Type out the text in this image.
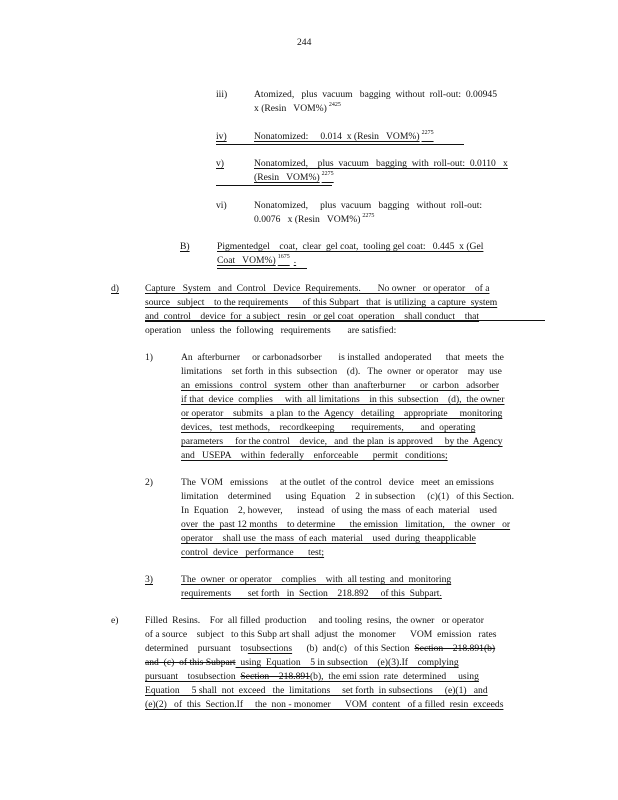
244
iii)	Atomized,   plus  vacuum   bagging  without  roll-out:  0.00945
x (Resin   VOM%) $^{2425}$
iv)	Nonatomized:     0.014  x (Resin   VOM%) $^{2275}$
v)	Nonatomized,    plus  vacuum   bagging  with  roll-out:  0.0110   x
(Resin   VOM%) $^{2275}$
vi)	Nonatomized,     plus  vacuum   bagging   without  roll-out:
0.0076   x (Resin   VOM%) $^{2275}$
B)	Pigmentedgel    coat,  clear  gel coat,  tooling gel coat:   0.445  x (Gel
Coat   VOM%) $^{1675}$ .
d)	Capture   System   and  Control   Device  Requirements.       No owner   or operator    of a
source   subject    to the requirements      of this Subpart   that  is utilizing  a capture  system
and  control    device  for  a subject   resin   or gel coat  operation    shall conduct    that
operation    unless  the  following   requirements       are satisfied:
1)	An  afterburner     or carbonadsorber       is installed  andoperated      that  meets  the
limitations    set forth  in this  subsection    (d).   The  owner  or operator    may  use
an  emissions   control   system   other  than  anafterburner      or  carbon   adsorber
if that  device  complies     with  all limitations    in this  subsection    (d),  the owner
or operator    submits   a plan  to the  Agency   detailing    appropriate     monitoring
devices,   test methods,    recordkeeping       requirements,       and  operating
parameters     for the control    device,   and  the plan  is approved     by the  Agency
and   USEPA    within  federally    enforceable      permit   conditions;
2)	The  VOM   emissions     at the outlet  of the control   device   meet  an emissions
limitation    determined      using  Equation    2  in subsection     (c)(1)   of this Section.
In  Equation    2, however,      instead   of using  the mass  of each  material    used
over  the  past 12 months    to determine      the emission   limitation,    the  owner   or
operator    shall use  the mass  of each  material    used  during  theapplicable
control  device   performance      test;
3)	The  owner  or operator    complies    with  all testing  and  monitoring
requirements       set forth   in  Section    218.892     of this  Subpart.
e)	Filled  Resins.    For  all filled  production     and tooling  resins,  the owner   or operator
of a source    subject   to this Subp art shall  adjust  the  monomer      VOM  emission   rates
determined    pursuant    tosubsections      (b)  and(c)   of this Section  Section    218.891(b)
and  (c)  of this Subpart  using  Equation    5 in subsection    (e)(3).If    complying
pursuant    tosubsection  Section    218.891(b),  the emi ssion  rate  determined     using
Equation     5 shall  not  exceed   the  limitations     set forth  in subsections     (e)(1)   and
(e)(2)   of  this  Section.If     the  non - monomer      VOM  content   of a filled  resin  exceeds
